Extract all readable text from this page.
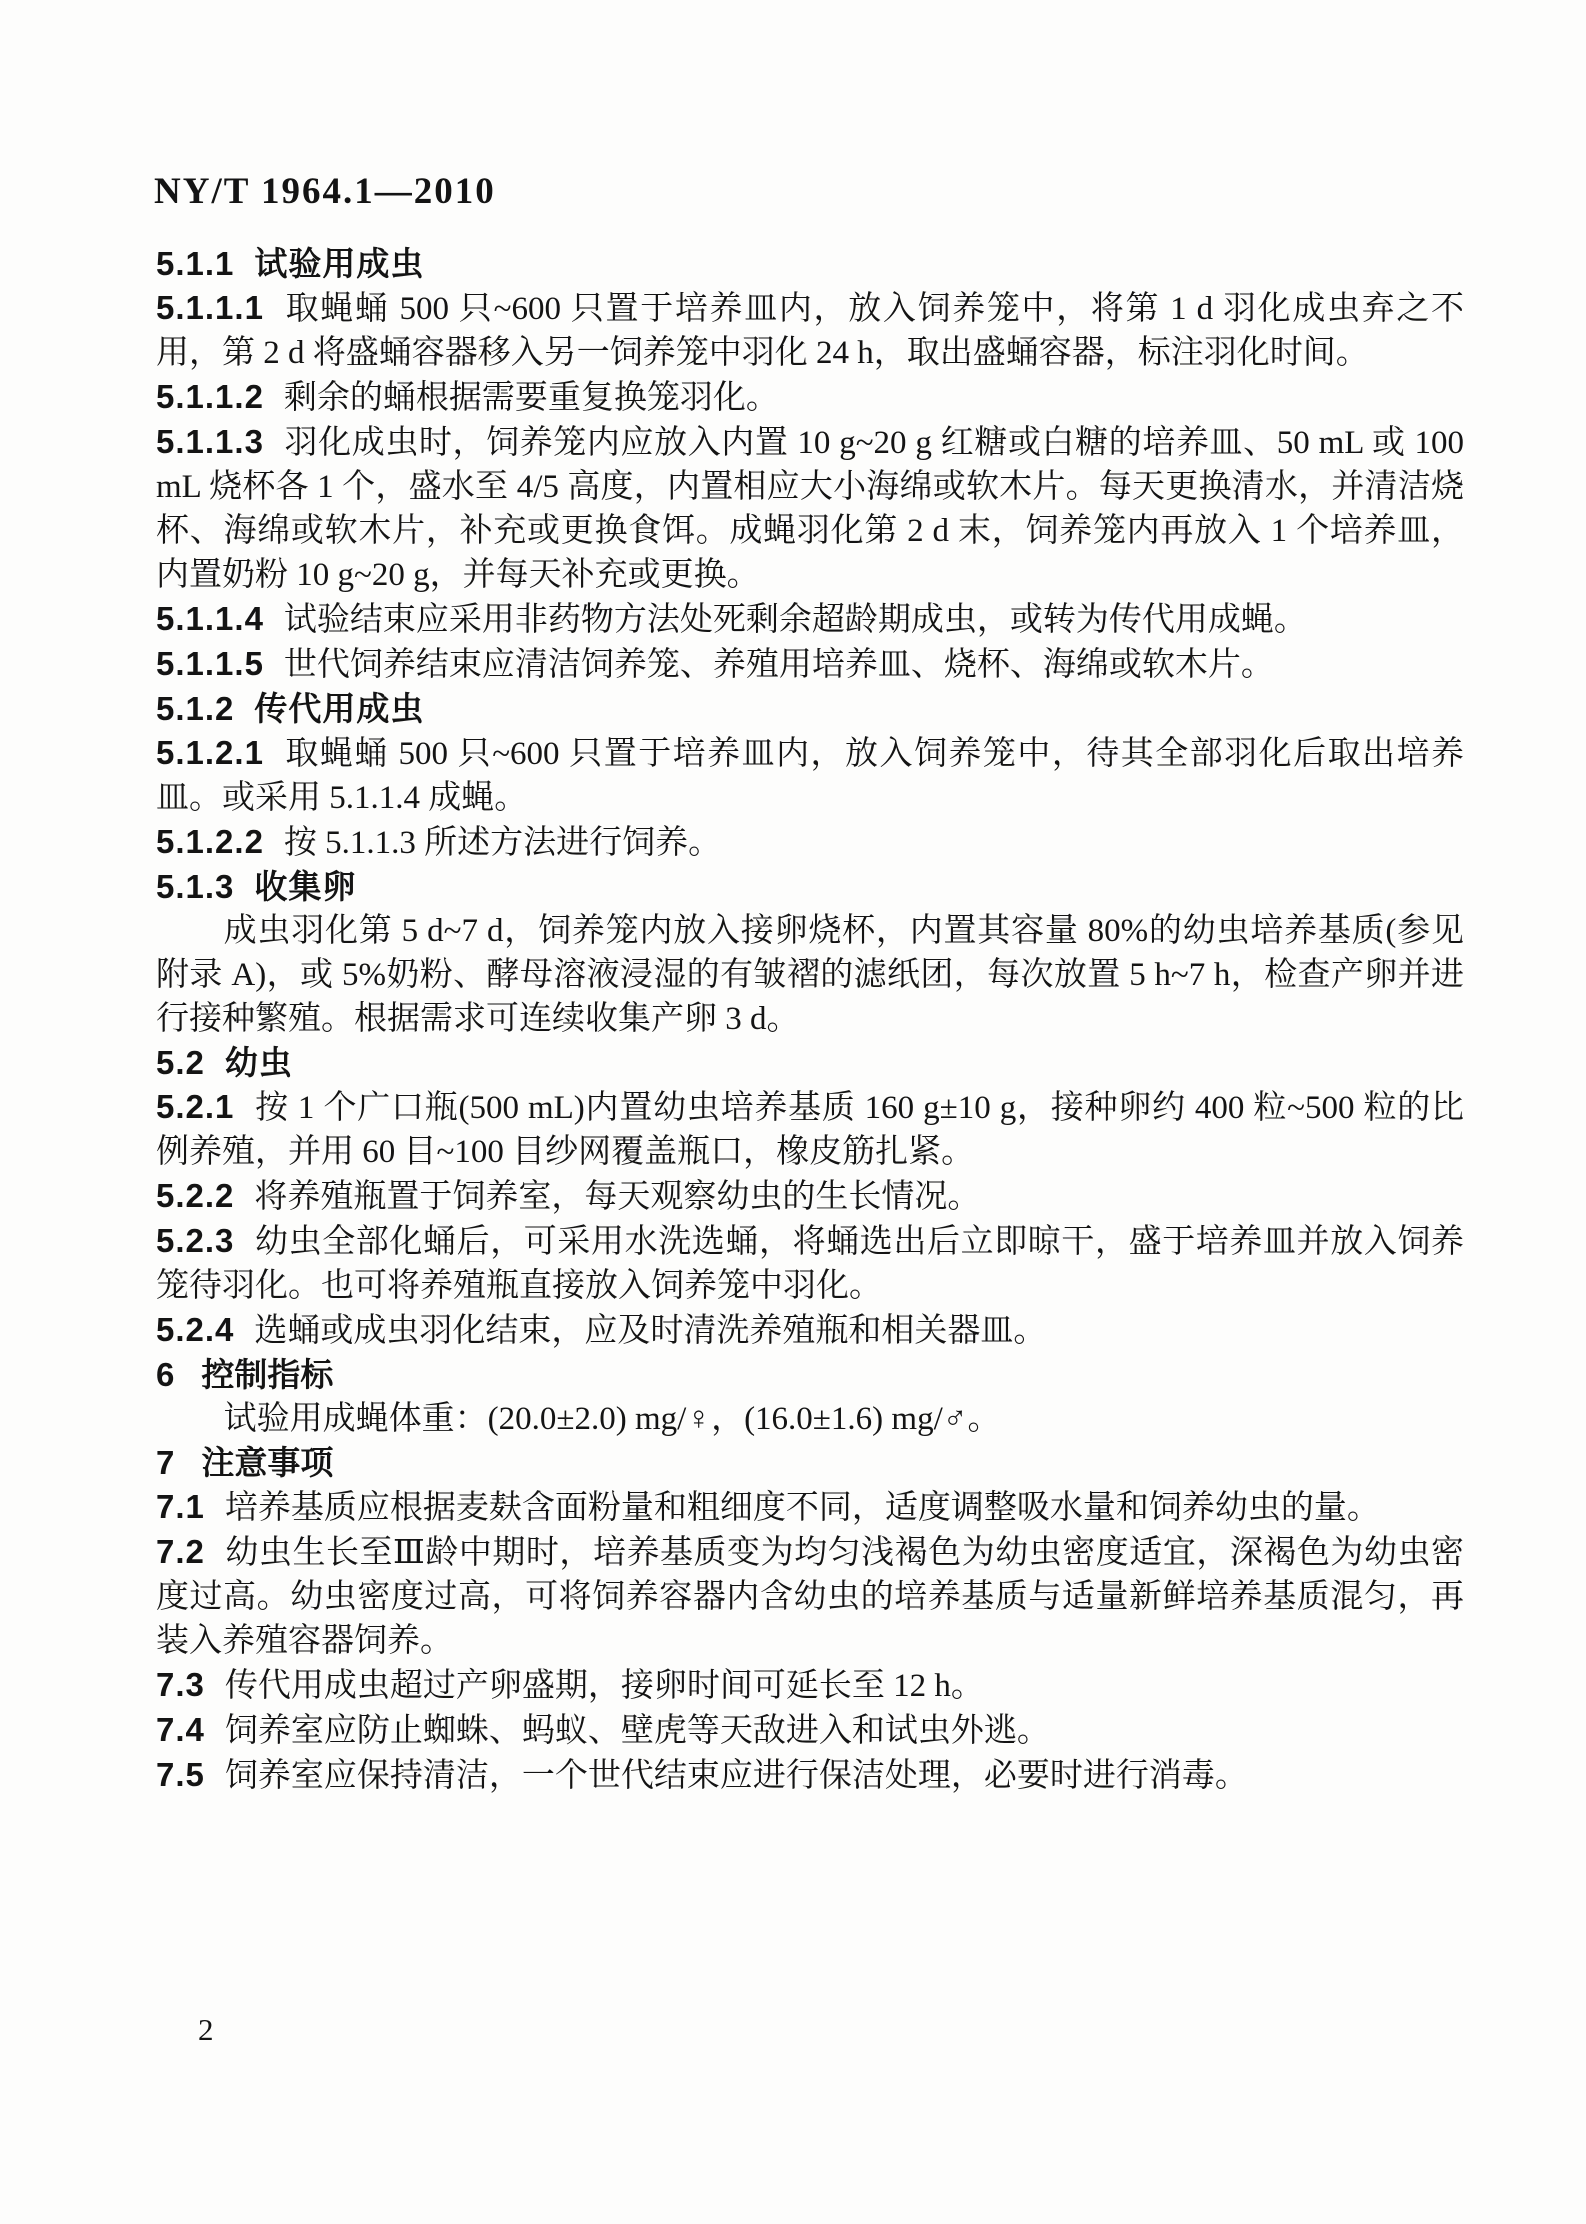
NY/T 1964.1—2010
5.1.1 试验用成虫

5.1.1.1 取蝇蛹 500 只~600 只置于培养皿内，放入饲养笼中，将第 1 d 羽化成虫弃之不用，第 2 d 将盛蛹容器移入另一饲养笼中羽化 24 h，取出盛蛹容器，标注羽化时间。

5.1.1.2 剩余的蛹根据需要重复换笼羽化。

5.1.1.3 羽化成虫时，饲养笼内应放入内置 10 g~20 g 红糖或白糖的培养皿、50 mL 或 100 mL 烧杯各 1 个，盛水至 4/5 高度，内置相应大小海绵或软木片。每天更换清水，并清洁烧杯、海绵或软木片，补充或更换食饵。成蝇羽化第 2 d 末，饲养笼内再放入 1 个培养皿，内置奶粉 10 g~20 g，并每天补充或更换。

5.1.1.4 试验结束应采用非药物方法处死剩余超龄期成虫，或转为传代用成蝇。

5.1.1.5 世代饲养结束应清洁饲养笼、养殖用培养皿、烧杯、海绵或软木片。

5.1.2 传代用成虫

5.1.2.1 取蝇蛹 500 只~600 只置于培养皿内，放入饲养笼中，待其全部羽化后取出培养皿。或采用 5.1.1.4 成蝇。

5.1.2.2 按 5.1.1.3 所述方法进行饲养。

5.1.3 收集卵

成虫羽化第 5 d~7 d，饲养笼内放入接卵烧杯，内置其容量 80%的幼虫培养基质(参见附录 A)，或 5%奶粉、酵母溶液浸湿的有皱褶的滤纸团，每次放置 5 h~7 h，检查产卵并进行接种繁殖。根据需求可连续收集产卵 3 d。

5.2 幼虫

5.2.1 按 1 个广口瓶(500 mL)内置幼虫培养基质 160 g±10 g，接种卵约 400 粒~500 粒的比例养殖，并用 60 目~100 目纱网覆盖瓶口，橡皮筋扎紧。

5.2.2 将养殖瓶置于饲养室，每天观察幼虫的生长情况。

5.2.3 幼虫全部化蛹后，可采用水洗选蛹，将蛹选出后立即晾干，盛于培养皿并放入饲养笼待羽化。也可将养殖瓶直接放入饲养笼中羽化。

5.2.4 选蛹或成虫羽化结束，应及时清洗养殖瓶和相关器皿。

6 控制指标

试验用成蝇体重：(20.0±2.0) mg/♀，(16.0±1.6) mg/♂。

7 注意事项

7.1 培养基质应根据麦麸含面粉量和粗细度不同，适度调整吸水量和饲养幼虫的量。

7.2 幼虫生长至Ⅲ龄中期时，培养基质变为均匀浅褐色为幼虫密度适宜，深褐色为幼虫密度过高。幼虫密度过高，可将饲养容器内含幼虫的培养基质与适量新鲜培养基质混匀，再装入养殖容器饲养。

7.3 传代用成虫超过产卵盛期，接卵时间可延长至 12 h。

7.4 饲养室应防止蜘蛛、蚂蚁、壁虎等天敌进入和试虫外逃。

7.5 饲养室应保持清洁，一个世代结束应进行保洁处理，必要时进行消毒。

2
